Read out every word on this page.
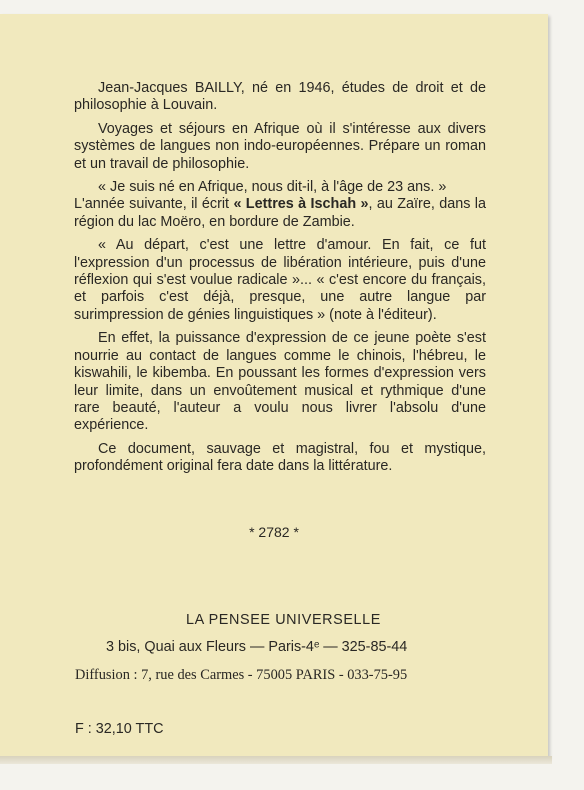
Jean-Jacques BAILLY, né en 1946, études de droit et de philosophie à Louvain.

Voyages et séjours en Afrique où il s'intéresse aux divers systèmes de langues non indo-européennes. Prépare un roman et un travail de philosophie.

« Je suis né en Afrique, nous dit-il, à l'âge de 23 ans. »

L'année suivante, il écrit « Lettres à Ischah », au Zaïre, dans la région du lac Moëro, en bordure de Zambie.

« Au départ, c'est une lettre d'amour. En fait, ce fut l'expression d'un processus de libération intérieure, puis d'une réflexion qui s'est voulue radicale »... « c'est encore du français, et parfois c'est déjà, presque, une autre langue par surimpression de génies linguistiques » (note à l'éditeur).

En effet, la puissance d'expression de ce jeune poète s'est nourrie au contact de langues comme le chinois, l'hébreu, le kiswahili, le kibemba. En poussant les formes d'expression vers leur limite, dans un envoûtement musical et rythmique d'une rare beauté, l'auteur a voulu nous livrer l'absolu d'une expérience.

Ce document, sauvage et magistral, fou et mystique, profondément original fera date dans la littérature.

* 2782 *
LA PENSEE UNIVERSELLE
3 bis, Quai aux Fleurs — Paris-4ᵉ — 325-85-44
Diffusion : 7, rue des Carmes - 75005 PARIS - 033-75-95
F : 32,10 TTC
